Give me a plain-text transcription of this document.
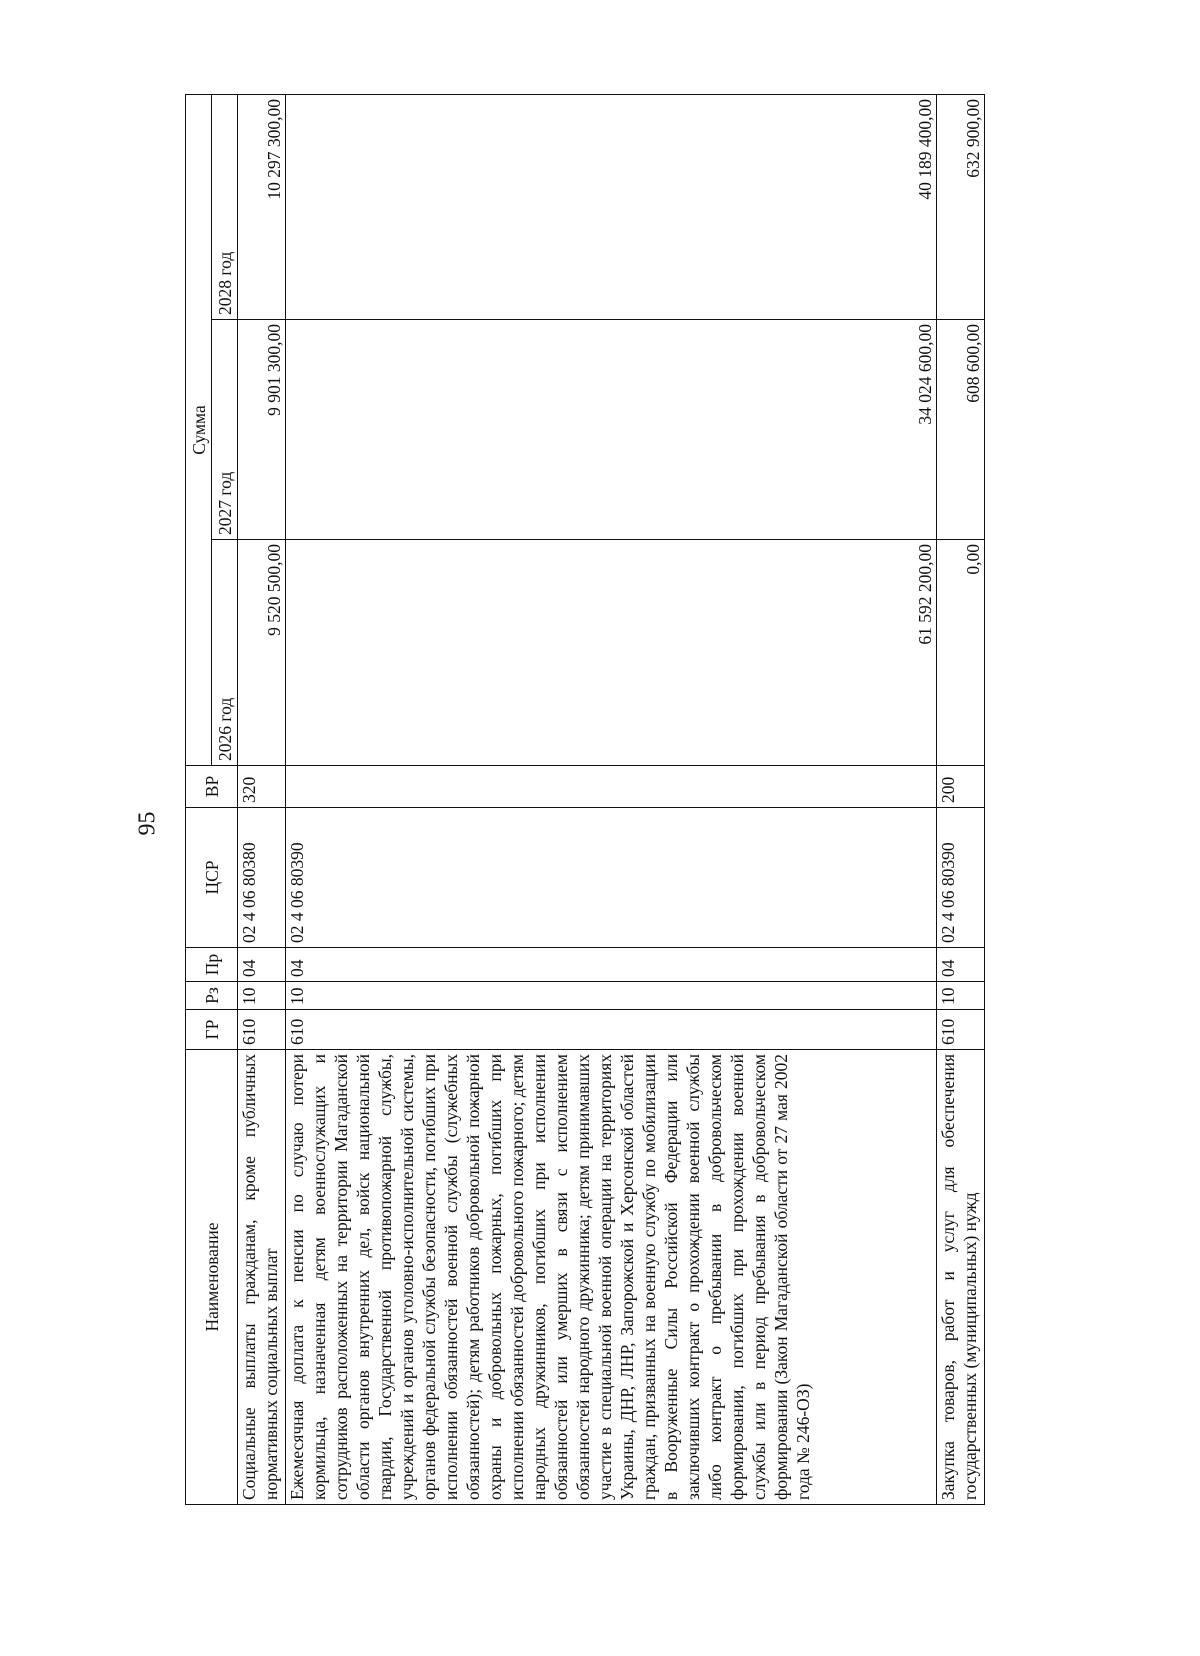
95
Наименование	ГР	Рз	Пр	ЦСР	ВР	Сумма		
						2026 год	2027 год	2028 год
Социальные выплаты гражданам, кроме публичных нормативных социальных выплат	610	10	04	02 4 06 80380	320	9 520 500,00	9 901 300,00	10 297 300,00
Ежемесячная доплата к пенсии по случаю потери кормильца, назначенная детям военнослужащих и сотрудников расположенных на территории Магаданской области органов внутренних дел, войск национальной гвардии, Государственной противопожарной службы, учреждений и органов уголовно-исполнительной системы, органов федеральной службы безопасности, погибших при исполнении обязанностей военной службы (служебных обязанностей); детям работников добровольной пожарной охраны и добровольных пожарных, погибших при исполнении обязанностей добровольного пожарного; детям народных дружинников, погибших при исполнении обязанностей или умерших в связи с исполнением обязанностей народного дружинника; детям принимавших участие в специальной военной операции на территориях Украины, ДНР, ЛНР, Запорожской и Херсонской областей граждан, призванных на военную службу по мобилизации в Вооруженные Силы Российской Федерации или заключивших контракт о прохождении военной службы либо контракт о пребывании в добровольческом формировании, погибших при прохождении военной службы или в период пребывания в добровольческом формировании (Закон Магаданской области от 27 мая 2002 года № 246-ОЗ)	610	10	04	02 4 06 80390		61 592 200,00	34 024 600,00	40 189 400,00
Закупка товаров, работ и услуг для обеспечения государственных (муниципальных) нужд	610	10	04	02 4 06 80390	200	0,00	608 600,00	632 900,00
